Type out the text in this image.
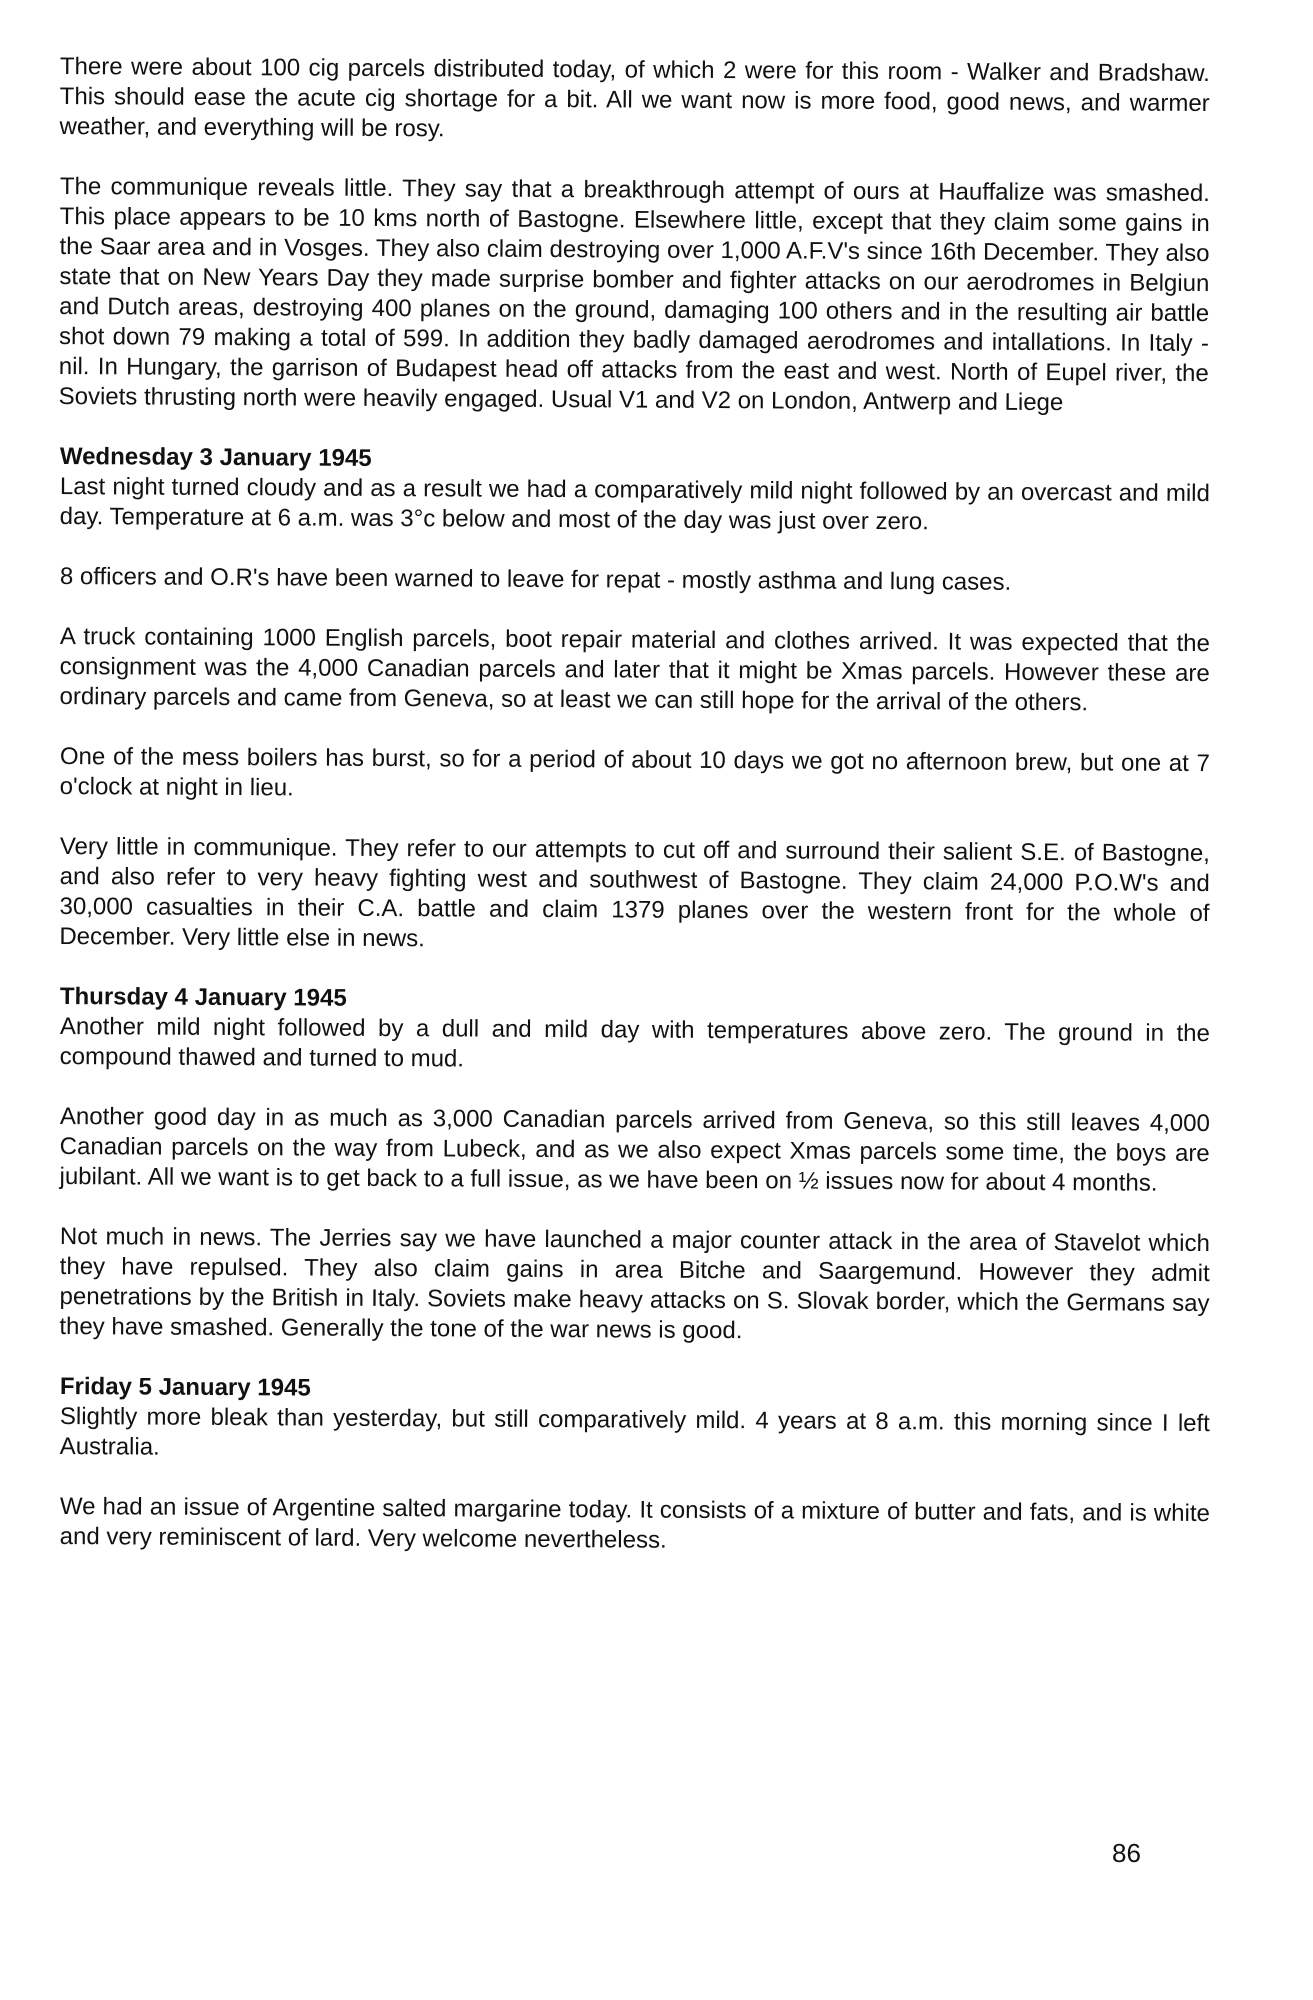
There were about 100 cig parcels distributed today, of which 2 were for this room - Walker and Bradshaw. This should ease the acute cig shortage for a bit. All we want now is more food, good news, and warmer weather, and everything will be rosy.

The communique reveals little. They say that a breakthrough attempt of ours at Hauffalize was smashed. This place appears to be 10 kms north of Bastogne. Elsewhere little, except that they claim some gains in the Saar area and in Vosges. They also claim destroying over 1,000 A.F.V's since 16th December. They also state that on New Years Day they made surprise bomber and fighter attacks on our aerodromes in Belgiun and Dutch areas, destroying 400 planes on the ground, damaging 100 others and in the resulting air battle shot down 79 making a total of 599. In addition they badly damaged aerodromes and intallations. In Italy - nil. In Hungary, the garrison of Budapest head off attacks from the east and west. North of Eupel river, the Soviets thrusting north were heavily engaged. Usual V1 and V2 on London, Antwerp and Liege

Wednesday 3 January 1945

Last night turned cloudy and as a result we had a comparatively mild night followed by an overcast and mild day. Temperature at 6 a.m. was 3°c below and most of the day was just over zero.

8 officers and O.R's have been warned to leave for repat - mostly asthma and lung cases.

A truck containing 1000 English parcels, boot repair material and clothes arrived. It was expected that the consignment was the 4,000 Canadian parcels and later that it might be Xmas parcels. However these are ordinary parcels and came from Geneva, so at least we can still hope for the arrival of the others.

One of the mess boilers has burst, so for a period of about 10 days we got no afternoon brew, but one at 7 o'clock at night in lieu.

Very little in communique. They refer to our attempts to cut off and surround their salient S.E. of Bastogne, and also refer to very heavy fighting west and southwest of Bastogne. They claim 24,000 P.O.W's and 30,000 casualties in their C.A. battle and claim 1379 planes over the western front for the whole of December. Very little else in news.

Thursday 4 January 1945

Another mild night followed by a dull and mild day with temperatures above zero. The ground in the compound thawed and turned to mud.

Another good day in as much as 3,000 Canadian parcels arrived from Geneva, so this still leaves 4,000 Canadian parcels on the way from Lubeck, and as we also expect Xmas parcels some time, the boys are jubilant. All we want is to get back to a full issue, as we have been on ½ issues now for about 4 months.

Not much in news. The Jerries say we have launched a major counter attack in the area of Stavelot which they have repulsed. They also claim gains in area Bitche and Saargemund. However they admit penetrations by the British in Italy. Soviets make heavy attacks on S. Slovak border, which the Germans say they have smashed. Generally the tone of the war news is good.

Friday 5 January 1945

Slightly more bleak than yesterday, but still comparatively mild. 4 years at 8 a.m. this morning since I left Australia.

We had an issue of Argentine salted margarine today. It consists of a mixture of butter and fats, and is white and very reminiscent of lard. Very welcome nevertheless.

86
